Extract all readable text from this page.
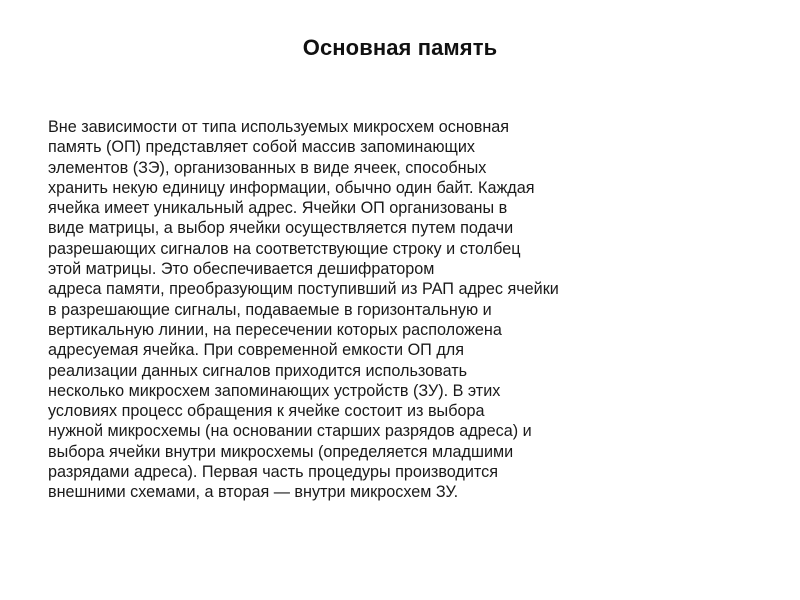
Основная память

Вне зависимости от типа используемых микросхем основная
память (ОП) представляет собой массив запоминающих
элементов (ЗЭ), организованных в виде ячеек, способных
хранить некую единицу информации, обычно один байт. Каждая
ячейка имеет уникальный адрес. Ячейки ОП организованы в
виде матрицы, а выбор ячейки осуществляется путем подачи
разрешающих сигналов на соответствующие строку и столбец
этой матрицы. Это обеспечивается дешифратором

адреса памяти, преобразующим поступивший из РАП адрес ячейки
в разрешающие сигналы, подаваемые в горизонтальную и
вертикальную линии, на пересечении которых расположена
адресуемая ячейка. При современной емкости ОП для
реализации данных сигналов приходится использовать
несколько микросхем запоминающих устройств (ЗУ). В этих
условиях процесс обращения к ячейке состоит из выбора
нужной микросхемы (на основании старших разрядов адреса) и
выбора ячейки внутри микросхемы (определяется младшими
разрядами адреса). Первая часть процедуры производится
внешними схемами, а вторая — внутри микросхем ЗУ.
